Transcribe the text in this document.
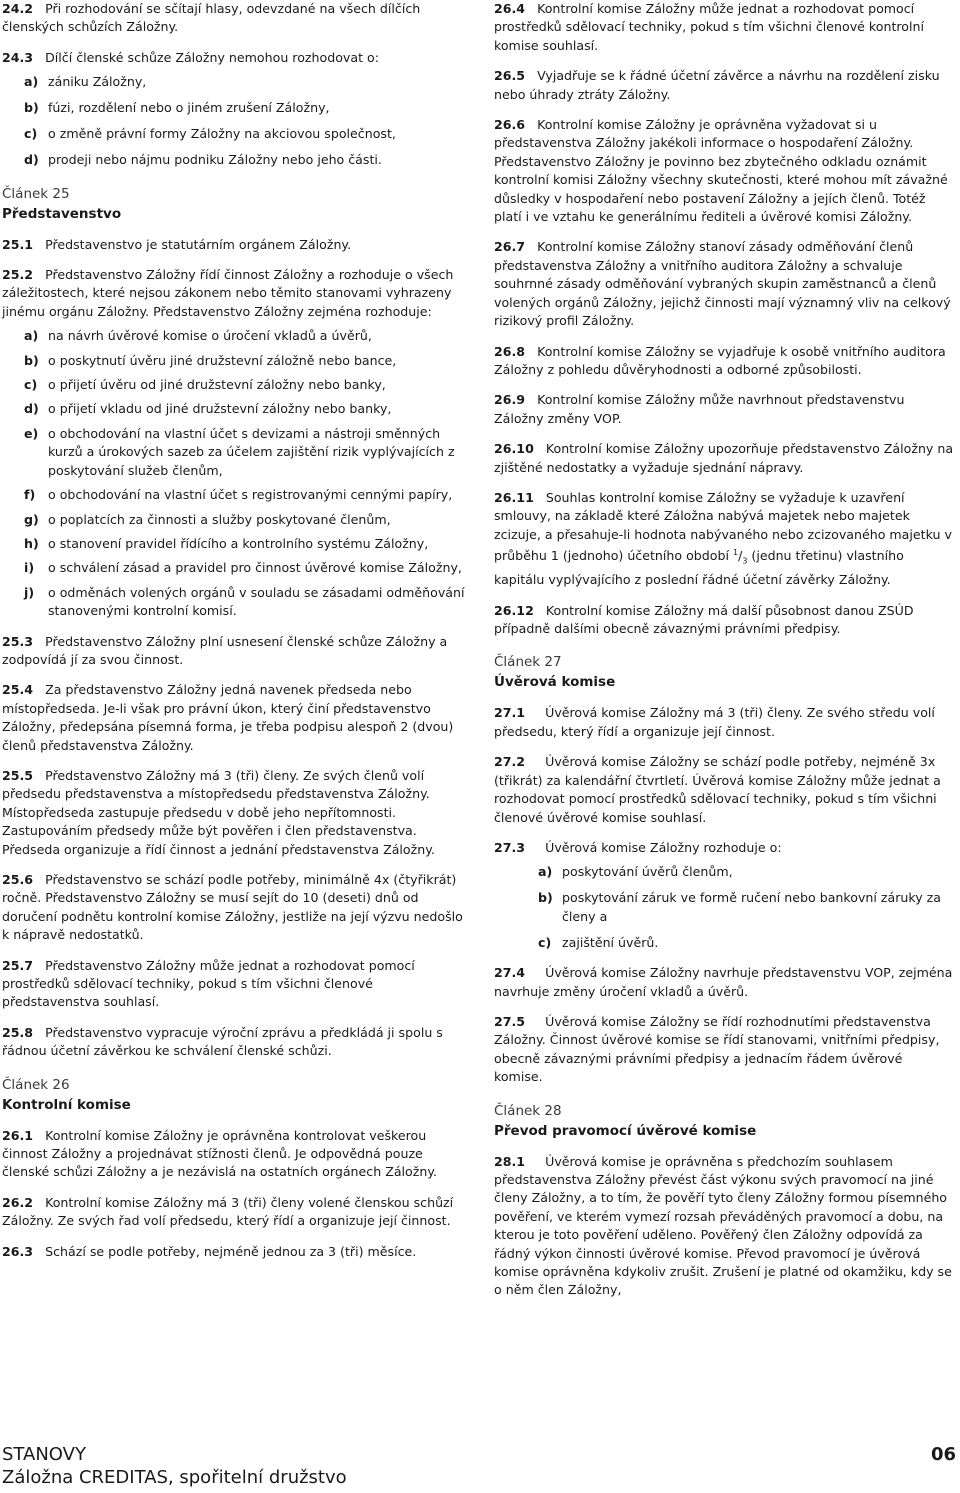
24.2 Při rozhodování se sčítají hlasy, odevzdané na všech dílčích členských schůzích Záložny.

24.3 Dílčí členské schůze Záložny nemohou rozhodovat o:

a) zániku Záložny,
b) fúzi, rozdělení nebo o jiném zrušení Záložny,
c) o změně právní formy Záložny na akciovou společnost,
d) prodeji nebo nájmu podniku Záložny nebo jeho části.
Článek 25
Představenstvo

25.1 Představenstvo je statutárním orgánem Záložny.

25.2 Představenstvo Záložny řídí činnost Záložny a rozhoduje o všech záležitostech, které nejsou zákonem nebo těmito stanovami vyhrazeny jinému orgánu Záložny. Představenstvo Záložny zejména rozhoduje:

a) na návrh úvěrové komise o úročení vkladů a úvěrů,
b) o poskytnutí úvěru jiné družstevní záložně nebo bance,
c) o přijetí úvěru od jiné družstevní záložny nebo banky,
d) o přijetí vkladu od jiné družstevní záložny nebo banky,
e) o obchodování na vlastní účet s devizami a nástroji směnných kurzů a úrokových sazeb za účelem zajištění rizik vyplývajících z poskytování služeb členům,
f) o obchodování na vlastní účet s registrovanými cennými papíry,
g) o poplatcích za činnosti a služby poskytované členům,
h) o stanovení pravidel řídícího a kontrolního systému Záložny,
i) o schválení zásad a pravidel pro činnost úvěrové komise Záložny,
j) o odměnách volených orgánů v souladu se zásadami odměňování stanovenými kontrolní komisí.

25.3 Představenstvo Záložny plní usnesení členské schůze Záložny a zodpovídá jí za svou činnost.

25.4 Za představenstvo Záložny jedná navenek předseda nebo místopředseda. Je-li však pro právní úkon, který činí představenstvo Záložny, předepsána písemná forma, je třeba podpisu alespoň 2 (dvou) členů představenstva Záložny.

25.5 Představenstvo Záložny má 3 (tři) členy. Ze svých členů volí předsedu představenstva a místopředsedu představenstva Záložny. Místopředseda zastupuje předsedu v době jeho nepřítomnosti. Zastupováním předsedy může být pověřen i člen představenstva. Předseda organizuje a řídí činnost a jednání představenstva Záložny.

25.6 Představenstvo se schází podle potřeby, minimálně 4x (čtyřikrát) ročně. Představenstvo Záložny se musí sejít do 10 (deseti) dnů od doručení podnětu kontrolní komise Záložny, jestliže na její výzvu nedošlo k nápravě nedostatků.

25.7 Představenstvo Záložny může jednat a rozhodovat pomocí prostředků sdělovací techniky, pokud s tím všichni členové představenstva souhlasí.

25.8 Představenstvo vypracuje výroční zprávu a předkládá ji spolu s řádnou účetní závěrkou ke schválení členské schůzi.

Článek 26
Kontrolní komise

26.1 Kontrolní komise Záložny je oprávněna kontrolovat veškerou činnost Záložny a projednávat stížnosti členů. Je odpovědná pouze členské schůzi Záložny a je nezávislá na ostatních orgánech Záložny.

26.2 Kontrolní komise Záložny má 3 (tři) členy volené členskou schůzí Záložny. Ze svých řad volí předsedu, který řídí a organizuje její činnost.

26.3 Schází se podle potřeby, nejméně jednou za 3 (tři) měsíce.

26.4 Kontrolní komise Záložny může jednat a rozhodovat pomocí prostředků sdělovací techniky, pokud s tím všichni členové kontrolní komise souhlasí.

26.5 Vyjadřuje se k řádné účetní závěrce a návrhu na rozdělení zisku nebo úhrady ztráty Záložny.

26.6 Kontrolní komise Záložny je oprávněna vyžadovat si u představenstva Záložny jakékoli informace o hospodaření Záložny. Představenstvo Záložny je povinno bez zbytečného odkladu oznámit kontrolní komisi Záložny všechny skutečnosti, které mohou mít závažné důsledky v hospodaření nebo postavení Záložny a jejích členů. Totéž platí i ve vztahu ke generálnímu řediteli a úvěrové komisi Záložny.

26.7 Kontrolní komise Záložny stanoví zásady odměňování členů představenstva Záložny a vnitřního auditora Záložny a schvaluje souhrnné zásady odměňování vybraných skupin zaměstnanců a členů volených orgánů Záložny, jejichž činnosti mají významný vliv na celkový rizikový profil Záložny.

26.8 Kontrolní komise Záložny se vyjadřuje k osobě vnitřního auditora Záložny z pohledu důvěryhodnosti a odborné způsobilosti.

26.9 Kontrolní komise Záložny může navrhnout představenstvu Záložny změny VOP.

26.10 Kontrolní komise Záložny upozorňuje představenstvo Záložny na zjištěné nedostatky a vyžaduje sjednání nápravy.

26.11 Souhlas kontrolní komise Záložny se vyžaduje k uzavření smlouvy, na základě které Záložna nabývá majetek nebo majetek zcizuje, a přesahuje-li hodnota nabývaného nebo zcizovaného majetku v průběhu 1 (jednoho) účetního období $^1/_3$ (jednu třetinu) vlastního kapitálu vyplývajícího z poslední řádné účetní závěrky Záložny.

26.12 Kontrolní komise Záložny má další působnost danou ZSÚD případně dalšími obecně závaznými právními předpisy.

Článek 27
Úvěrová komise

27.1 Úvěrová komise Záložny má 3 (tři) členy. Ze svého středu volí předsedu, který řídí a organizuje její činnost.

27.2 Úvěrová komise Záložny se schází podle potřeby, nejméně 3x (třikrát) za kalendářní čtvrtletí. Úvěrová komise Záložny může jednat a rozhodovat pomocí prostředků sdělovací techniky, pokud s tím všichni členové úvěrové komise souhlasí.

27.3 Úvěrová komise Záložny rozhoduje o:

a) poskytování úvěrů členům,
b) poskytování záruk ve formě ručení nebo bankovní záruky za členy a
c) zajištění úvěrů.

27.4 Úvěrová komise Záložny navrhuje představenstvu VOP, zejména navrhuje změny úročení vkladů a úvěrů.

27.5 Úvěrová komise Záložny se řídí rozhodnutími představenstva Záložny. Činnost úvěrové komise se řídí stanovami, vnitřními předpisy, obecně závaznými právními předpisy a jednacím řádem úvěrové komise.

Článek 28
Převod pravomocí úvěrové komise

28.1 Úvěrová komise je oprávněna s předchozím souhlasem představenstva Záložny převést část výkonu svých pravomocí na jiné členy Záložny, a to tím, že pověří tyto členy Záložny formou písemného pověření, ve kterém vymezí rozsah převáděných pravomocí a dobu, na kterou je toto pověření uděleno. Pověřený člen Záložny odpovídá za řádný výkon činnosti úvěrové komise. Převod pravomocí je úvěrová komise oprávněna kdykoliv zrušit. Zrušení je platné od okamžiku, kdy se o něm člen Záložny,

STANOVY
Záložna CREDITAS, spořitelní družstvo
06
